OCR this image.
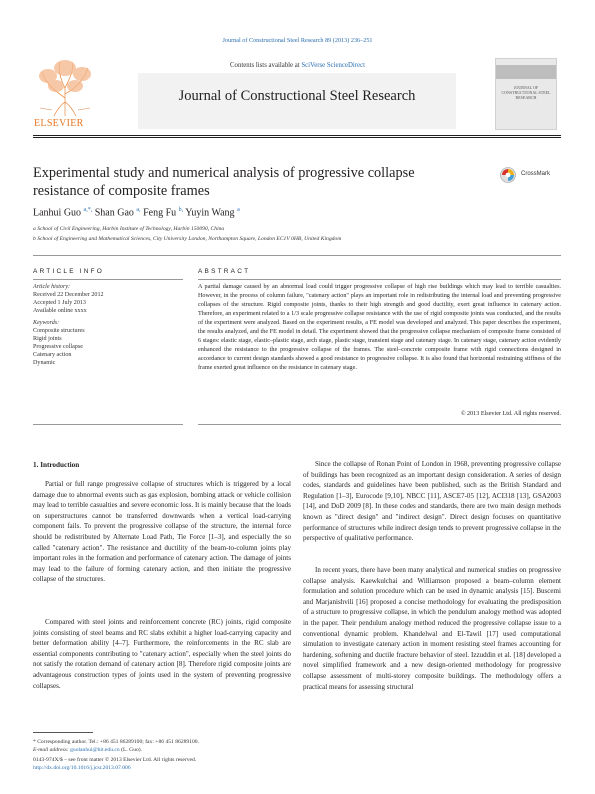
Journal of Constructional Steel Research 89 (2013) 236–251
ELSEVIER
Contents lists available at SciVerse ScienceDirect
Journal of Constructional Steel Research
JOURNAL OF CONSTRUCTIONAL STEEL RESEARCH
Experimental study and numerical analysis of progressive collapse
resistance of composite frames
CrossMark
Lanhui Guo $^{a,*,}$ Shan Gao $^{a,}$ Feng Fu $^{b,}$ Yuyin Wang $^a$
a School of Civil Engineering, Harbin Institute of Technology, Harbin 150090, China
b School of Engineering and Mathematical Sciences, City University London, Northampton Square, London EC1V 0HB, United Kingdom
ARTICLE INFO
Article history:
Received 22 December 2012
Accepted 1 July 2013
Available online xxxx
Keywords:
Composite structures
Rigid joints
Progressive collapse
Catenary action
Dynamic
ABSTRACT
A partial damage caused by an abnormal load could trigger progressive collapse of high rise buildings which may lead to terrible casualties. However, in the process of column failure, "catenary action" plays an important role in redistributing the internal load and preventing progressive collapses of the structure. Rigid composite joints, thanks to their high strength and good ductility, exert great influence in catenary action. Therefore, an experiment related to a 1/3 scale progressive collapse resistance with the use of rigid composite joints was conducted, and the results of the experiment were analyzed. Based on the experiment results, a FE model was developed and analyzed. This paper describes the experiment, the results analyzed, and the FE model in detail. The experiment showed that the progressive collapse mechanism of composite frame consisted of 6 stages: elastic stage, elastic–plastic stage, arch stage, plastic stage, transient stage and catenary stage. In catenary stage, catenary action evidently enhanced the resistance to the progressive collapse of the frames. The steel–concrete composite frame with rigid connections designed in accordance to current design standards showed a good resistance to progressive collapse. It is also found that horizontal restraining stiffness of the frame exerted great influence on the resistance in catenary stage.
© 2013 Elsevier Ltd. All rights reserved.
1. Introduction
Partial or full range progressive collapse of structures which is triggered by a local damage due to abnormal events such as gas explosion, bombing attack or vehicle collision may lead to terrible casualties and severe economic loss. It is mainly because that the loads on superstructures cannot be transferred downwards when a vertical load-carrying component fails. To prevent the progressive collapse of the structure, the internal force should be redistributed by Alternate Load Path, Tie Force [1–3], and especially the so called "catenary action". The resistance and ductility of the beam-to-column joints play important roles in the formation and performance of catenary action. The damage of joints may lead to the failure of forming catenary action, and then initiate the progressive collapse of the structures.
Compared with steel joints and reinforcement concrete (RC) joints, rigid composite joints consisting of steel beams and RC slabs exhibit a higher load-carrying capacity and better deformation ability [4–7]. Furthermore, the reinforcements in the RC slab are essential components contributing to "catenary action", especially when the steel joints do not satisfy the rotation demand of catenary action [8]. Therefore rigid composite joints are advantageous construction types of joints used in the system of preventing progressive collapses.
Since the collapse of Ronan Point of London in 1968, preventing progressive collapse of buildings has been recognized as an important design consideration. A series of design codes, standards and guidelines have been published, such as the British Standard and Regulation [1–3], Eurocode [9,10], NBCC [11], ASCE7-05 [12], ACI318 [13], GSA2003 [14], and DoD 2009 [8]. In these codes and standards, there are two main design methods known as "direct design" and "indirect design". Direct design focuses on quantitative performance of structures while indirect design tends to prevent progressive collapse in the perspective of qualitative performance.
In recent years, there have been many analytical and numerical studies on progressive collapse analysis. Kaewkulchai and Williamson proposed a beam–column element formulation and solution procedure which can be used in dynamic analysis [15]. Buscemi and Marjanishvili [16] proposed a concise methodology for evaluating the predisposition of a structure to progressive collapse, in which the pendulum analogy method was adopted in the paper. Their pendulum analogy method reduced the progressive collapse issue to a conventional dynamic problem. Khandelwal and El-Tawil [17] used computational simulation to investigate catenary action in moment resisting steel frames accounting for hardening, softening and ductile fracture behavior of steel. Izzuddin et al. [18] developed a novel simplified framework and a new design-oriented methodology for progressive collapse assessment of multi-storey composite buildings. The methodology offers a practical means for assessing structural
* Corresponding author. Tel.: +86 451 86289100; fax: +86 451 86289100.
E-mail address: guolanhui@hit.edu.cn (L. Guo).
0143-974X/$ – see front matter © 2013 Elsevier Ltd. All rights reserved.
http://dx.doi.org/10.1016/j.jcsr.2013.07.006
